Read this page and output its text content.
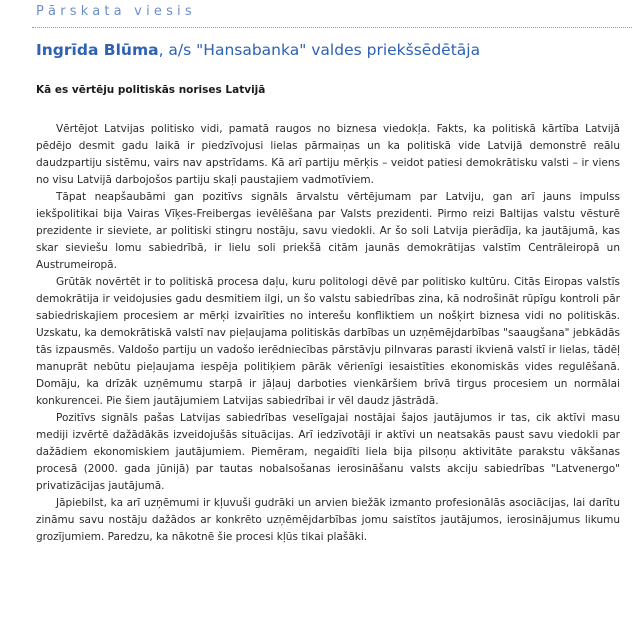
Pārskata viesis
Ingrīda Blūma, a/s "Hansabanka" valdes priekšsēdētāja
Kā es vērtēju politiskās norises Latvijā

Vērtējot Latvijas politisko vidi, pamatā raugos no biznesa viedokļa. Fakts, ka politiskā kārtība Latvijā pēdējo desmit gadu laikā ir piedzīvojusi lielas pārmaiņas un ka politiskā vide Latvijā demonstrē reālu daudzpartiju sistēmu, vairs nav apstrīdams. Kā arī partiju mērķis – veidot patiesi demokrātisku valsti – ir viens no visu Latvijā darbojošos partiju skaļi paustajiem vadmotīviem.

Tāpat neapšaubāmi gan pozitīvs signāls ārvalstu vērtējumam par Latviju, gan arī jauns impulss iekšpolitikai bija Vairas Vīķes-Freibergas ievēlēšana par Valsts prezidenti. Pirmo reizi Baltijas valstu vēsturē prezidente ir sieviete, ar politiski stingru nostāju, savu viedokli. Ar šo soli Latvija pierādīja, ka jautājumā, kas skar sieviešu lomu sabiedrībā, ir lielu soli priekšā citām jaunās demokrātijas valstīm Centrāleiropā un Austrumeiropā.

Grūtāk novērtēt ir to politiskā procesa daļu, kuru politologi dēvē par politisko kultūru. Citās Eiropas valstīs demokrātija ir veidojusies gadu desmitiem ilgi, un šo valstu sabiedrības zina, kā nodrošināt rūpīgu kontroli pār sabiedriskajiem procesiem ar mērķi izvairīties no interešu konfliktiem un nošķirt biznesa vidi no politiskās. Uzskatu, ka demokrātiskā valstī nav pieļaujama politiskās darbības un uzņēmējdarbības "saaugšana" jebkādās tās izpausmēs. Valdošo partiju un vadošo ierēdniecības pārstāvju pilnvaras parasti ikvienā valstī ir lielas, tādēļ manuprāt nebūtu pieļaujama iespēja politiķiem pārāk vērienīgi iesaistīties ekonomiskās vides regulēšanā. Domāju, ka drīzāk uzņēmumu starpā ir jāļauj darboties vienkāršiem brīvā tirgus procesiem un normālai konkurencei. Pie šiem jautājumiem Latvijas sabiedrībai ir vēl daudz jāstrādā.

Pozitīvs signāls pašas Latvijas sabiedrības veselīgajai nostājai šajos jautājumos ir tas, cik aktīvi masu mediji izvērtē dažādākās izveidojušās situācijas. Arī iedzīvotāji ir aktīvi un neatsakās paust savu viedokli par dažādiem ekonomiskiem jautājumiem. Piemēram, negaidīti liela bija pilsoņu aktivitāte parakstu vākšanas procesā (2000. gada jūnijā) par tautas nobalsošanas ierosināšanu valsts akciju sabiedrības "Latvenergo" privatizācijas jautājumā.

Jāpiebilst, ka arī uzņēmumi ir kļuvuši gudrāki un arvien biežāk izmanto profesionālās asociācijas, lai darītu zināmu savu nostāju dažādos ar konkrēto uzņēmējdarbības jomu saistītos jautājumos, ierosinājumus likumu grozījumiem. Paredzu, ka nākotnē šie procesi kļūs tikai plašāki.
